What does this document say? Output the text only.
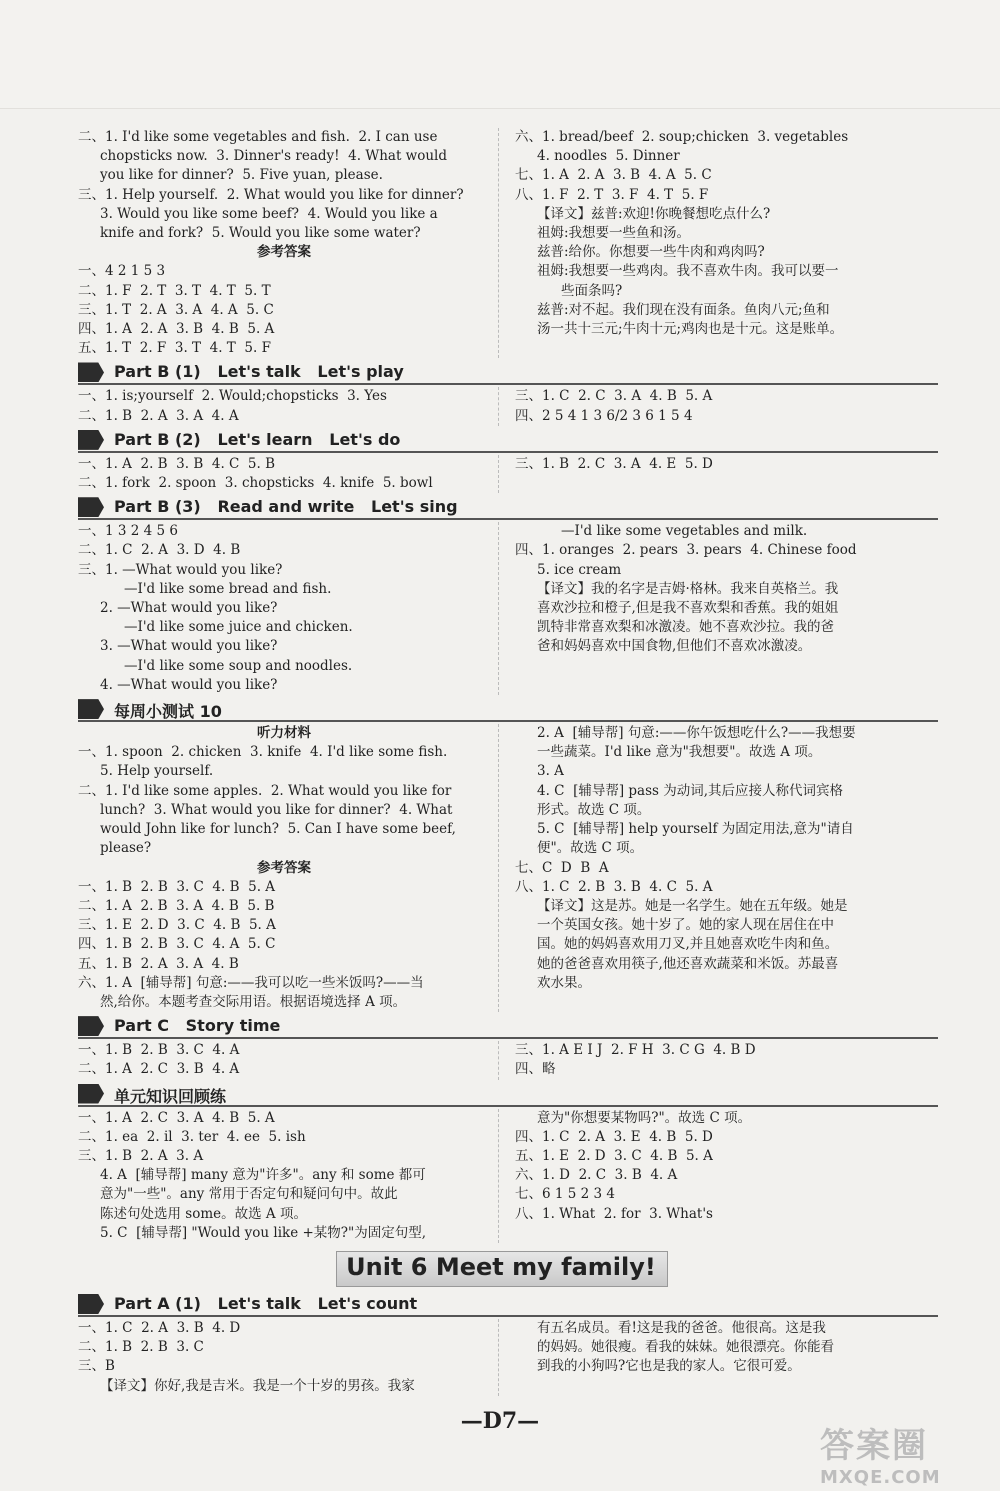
二、1. I'd like some vegetables and fish.  2. I can use
chopsticks now.  3. Dinner's ready!  4. What would
you like for dinner?  5. Five yuan, please.
三、1. Help yourself.  2. What would you like for dinner?
3. Would you like some beef?  4. Would you like a
knife and fork?  5. Would you like some water?
参考答案
一、4 2 1 5 3
二、1. F  2. T  3. T  4. T  5. T
三、1. T  2. A  3. A  4. A  5. C
四、1. A  2. A  3. B  4. B  5. A
五、1. T  2. F  3. T  4. T  5. F
六、1. bread/beef  2. soup;chicken  3. vegetables
4. noodles  5. Dinner
七、1. A  2. A  3. B  4. A  5. C
八、1. F  2. T  3. F  4. T  5. F
【译文】兹普:欢迎!你晚餐想吃点什么?
祖姆:我想要一些鱼和汤。
兹普:给你。你想要一些牛肉和鸡肉吗?
祖姆:我想要一些鸡肉。我不喜欢牛肉。我可以要一
些面条吗?
兹普:对不起。我们现在没有面条。鱼肉八元;鱼和
汤一共十三元;牛肉十元;鸡肉也是十元。这是账单。
Part B (1)   Let's talk   Let's play
一、1. is;yourself  2. Would;chopsticks  3. Yes
二、1. B  2. A  3. A  4. A
三、1. C  2. C  3. A  4. B  5. A
四、2 5 4 1 3 6/2 3 6 1 5 4
Part B (2)   Let's learn   Let's do
一、1. A  2. B  3. B  4. C  5. B
二、1. fork  2. spoon  3. chopsticks  4. knife  5. bowl
三、1. B  2. C  3. A  4. E  5. D
Part B (3)   Read and write   Let's sing
一、1 3 2 4 5 6
二、1. C  2. A  3. D  4. B
三、1. —What would you like?
—I'd like some bread and fish.
2. —What would you like?
—I'd like some juice and chicken.
3. —What would you like?
—I'd like some soup and noodles.
4. —What would you like?
—I'd like some vegetables and milk.
四、1. oranges  2. pears  3. pears  4. Chinese food
5. ice cream
【译文】我的名字是吉姆·格林。我来自英格兰。我
喜欢沙拉和橙子,但是我不喜欢梨和香蕉。我的姐姐
凯特非常喜欢梨和冰激凌。她不喜欢沙拉。我的爸
爸和妈妈喜欢中国食物,但他们不喜欢冰激凌。
每周小测试 10
听力材料
一、1. spoon  2. chicken  3. knife  4. I'd like some fish.
5. Help yourself.
二、1. I'd like some apples.  2. What would you like for
lunch?  3. What would you like for dinner?  4. What
would John like for lunch?  5. Can I have some beef,
please?
参考答案
一、1. B  2. B  3. C  4. B  5. A
二、1. A  2. B  3. A  4. B  5. B
三、1. E  2. D  3. C  4. B  5. A
四、1. B  2. B  3. C  4. A  5. C
五、1. B  2. A  3. A  4. B
六、1. A  [辅导帮] 句意:——我可以吃一些米饭吗?——当
然,给你。本题考查交际用语。根据语境选择 A 项。
2. A  [辅导帮] 句意:——你午饭想吃什么?——我想要
一些蔬菜。I'd like 意为"我想要"。故选 A 项。
3. A
4. C  [辅导帮] pass 为动词,其后应接人称代词宾格
形式。故选 C 项。
5. C  [辅导帮] help yourself 为固定用法,意为"请自
便"。故选 C 项。
七、C  D  B  A
八、1. C  2. B  3. B  4. C  5. A
【译文】这是苏。她是一名学生。她在五年级。她是
一个英国女孩。她十岁了。她的家人现在居住在中
国。她的妈妈喜欢用刀叉,并且她喜欢吃牛肉和鱼。
她的爸爸喜欢用筷子,他还喜欢蔬菜和米饭。苏最喜
欢水果。
Part C   Story time
一、1. B  2. B  3. C  4. A
二、1. A  2. C  3. B  4. A
三、1. A E I J  2. F H  3. C G  4. B D
四、略
单元知识回顾练
一、1. A  2. C  3. A  4. B  5. A
二、1. ea  2. il  3. ter  4. ee  5. ish
三、1. B  2. A  3. A
4. A  [辅导帮] many 意为"许多"。any 和 some 都可
意为"一些"。any 常用于否定句和疑问句中。故此
陈述句处选用 some。故选 A 项。
5. C  [辅导帮] "Would you like +某物?"为固定句型,
意为"你想要某物吗?"。故选 C 项。
四、1. C  2. A  3. E  4. B  5. D
五、1. E  2. D  3. C  4. B  5. A
六、1. D  2. C  3. B  4. A
七、6 1 5 2 3 4
八、1. What  2. for  3. What's
Unit 6 Meet my family!
Part A (1)   Let's talk   Let's count
一、1. C  2. A  3. B  4. D
二、1. B  2. B  3. C
三、B
【译文】你好,我是吉米。我是一个十岁的男孩。我家
有五名成员。看!这是我的爸爸。他很高。这是我
的妈妈。她很瘦。看我的妹妹。她很漂亮。你能看
到我的小狗吗?它也是我的家人。它很可爱。
—D7—
答案圈
MXQE.COM
